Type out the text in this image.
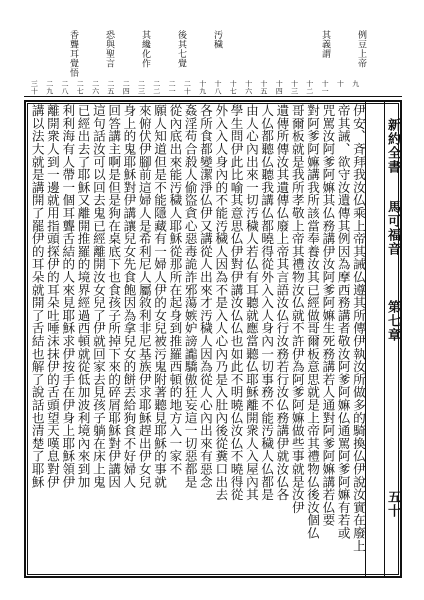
新約全書
馬可福音
第七章
五十
例豆上帝
其義謂
汚穢
後其七覺
其纔化作
恐與聖言
香聾耳覺悟
九
十
十一
十二
十三
十四
十五
十六
十七
十八
十九
二十
二一
二二
二三
二四
二五
二六
二七
二八
二九
三十
伊安、斉拜我汝仏乘上帝其誡仏遵其所傳伊執汝所做多的騎換仏伊說汝實在廢上
帝其誡、欲守汝遺傳其例因為摩西務講者敬汝阿爹阿嫲仏通罵阿爹阿嫲有若或
咒罵汝阿爹阿嫲其仏務講伊汝阿爹阿嫲生死務講若人通對阿爹阿嫲講若仏要
對阿爹阿嫲講我所該當奉養汝其已經做哥爾板意思就是上帝其禮物仏後汝個仏
哥爾板就是我所孝敬上帝其禮物汝仏就不許伊為阿爹阿嫲做些事就是汝伊
遺傳所傳汝其遺傳仏廢上帝其言語汝仏行汝務若行汝仏務講伊就汝仏各
人仏都聽仏聽我講仏都曉得從外入入人身內一切事務不能汚穢人仏都是
由人心內出來一切汚穢人若仏有耳聽就應當聽仏耶穌離開衆人入屋內其
學生問伊此比喻其意思仏伊對伊講汝仏仏也如此不明曉仏汝仏不曉得從
外入入人身內的不能汚穢人因為不是入人心內乃是入肚內後從糞口出去
各所食都變潔淨仏伊又講從人出來才汚穢人因為從人心內出來有惡念
姦淫苟合殺人偷盜貪心惡毒詭詐邪蕩嫉妒謗讟驕傲狂妄這一切惡都是
從內底出來能汚穢人耶穌從那所在起身到推羅西頓的地方入一家不
願人知道但是不能隱藏有一婦人伊的女兒被污鬼附著聽見耶穌的事就
來俯伏伊腳前這婦人是希利尼人屬敘利非尼基族伊求耶穌趕出伊女兒
身上的鬼耶穌對伊講讓兒女先食飽因為拿兒女的餅丟給狗食不好婦人
回答講主啊是但是狗在桌底下也食孩子所掉下來的碎屑耶穌對伊講因
這句話汝可以回去鬼已經離開汝女兒了伊就回家去見孩子躺在床上鬼
已經出去了耶穌又離開推羅的境界經過西頓就從低加波利境內來到加
利利海有人帶一個耳聾舌結的人來見耶穌求伊按手在伊身上耶穌領伊
離開衆人到一邊就用指頭探伊的耳朵吐唾沫抹伊的舌頭望天嘆息對伊
講以法大就是講開了罷伊的耳朵就開了舌結也解了說話也清楚了耶穌
